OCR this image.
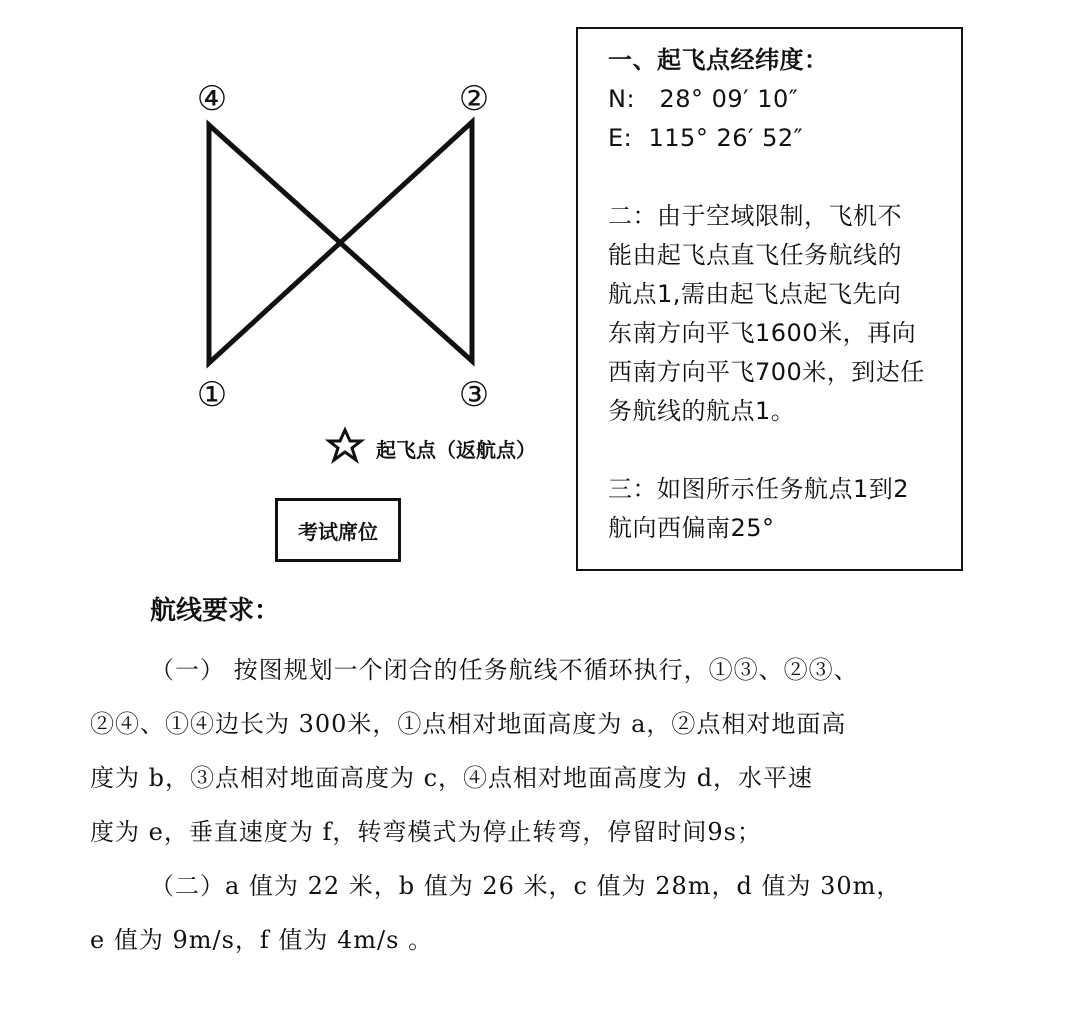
④	②
①	③
起飞点（返航点）
考试席位
一、起飞点经纬度：
N:   28° 09′ 10″
E:  115° 26′ 52″
二：由于空域限制，飞机不
能由起飞点直飞任务航线的
航点1,需由起飞点起飞先向
东南方向平飞1600米，再向
西南方向平飞700米，到达任
务航线的航点1。
三：如图所示任务航点1到2
航向西偏南25°
航线要求：
（一） 按图规划一个闭合的任务航线不循环执行，①③、②③、
②④、①④边长为 300米，①点相对地面高度为 a，②点相对地面高
度为 b，③点相对地面高度为 c，④点相对地面高度为 d，水平速
度为 e，垂直速度为 f，转弯模式为停止转弯，停留时间9s；
（二）a 值为 22 米，b 值为 26 米，c 值为 28m，d 值为 30m，
e 值为 9m/s，f 值为 4m/s 。
